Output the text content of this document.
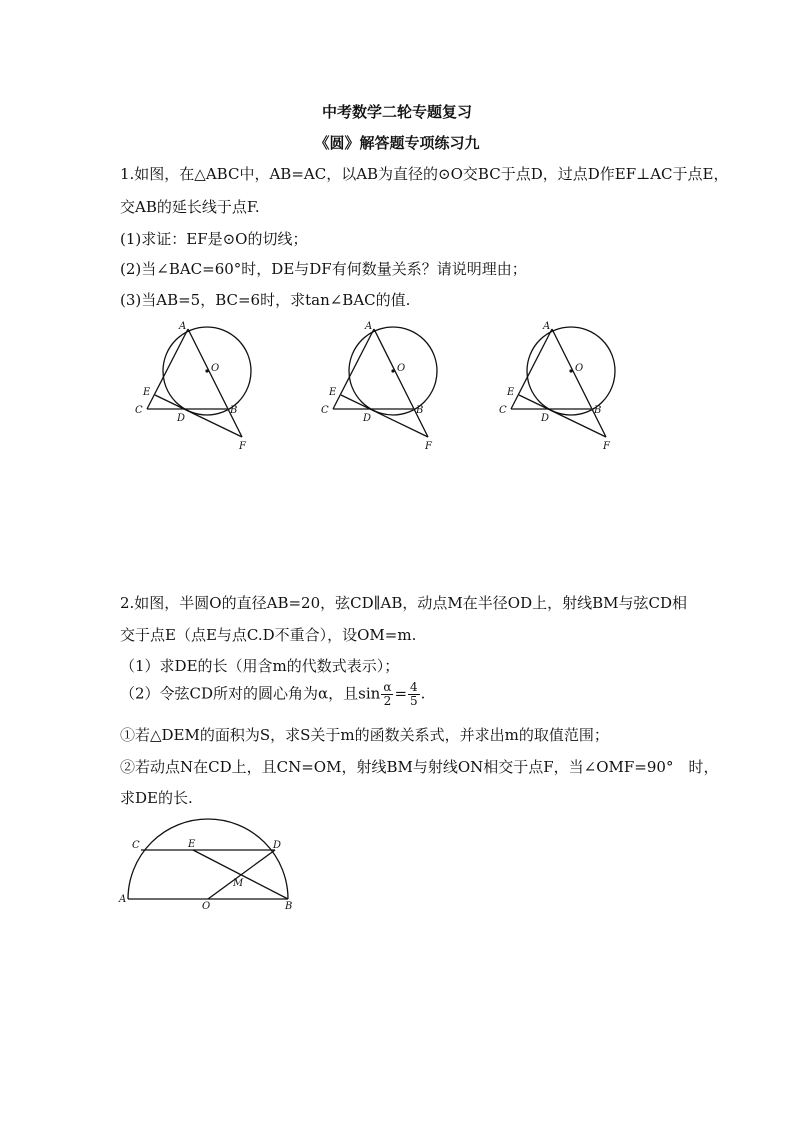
中考数学二轮专题复习
《圆》解答题专项练习九
1.如图，在△ABC中，AB=AC，以AB为直径的⊙O交BC于点D，过点D作EF⊥AC于点E，
交AB的延长线于点F.
(1)求证：EF是⊙O的切线；
(2)当∠BAC=60°时，DE与DF有何数量关系？请说明理由；
(3)当AB=5，BC=6时，求tan∠BAC的值.
A
O
E
C
D
B
F
A
O
E
C
D
B
F
A
O
E
C
D
B
F
2.如图，半圆O的直径AB=20，弦CD∥AB，动点M在半径OD上，射线BM与弦CD相
交于点E（点E与点C.D不重合），设OM=m.
（1）求DE的长（用含m的代数式表示）；
（2）令弦CD所对的圆心角为α，且$\sin \frac{\alpha}{2} = \frac{4}{5}$ .
①若△DEM的面积为S，求S关于m的函数关系式，并求出m的取值范围；
②若动点N在CD上，且CN=OM，射线BM与射线ON相交于点F，当∠OMF=90°　时，
求DE的长.
C	E	D
M
A
O	B
